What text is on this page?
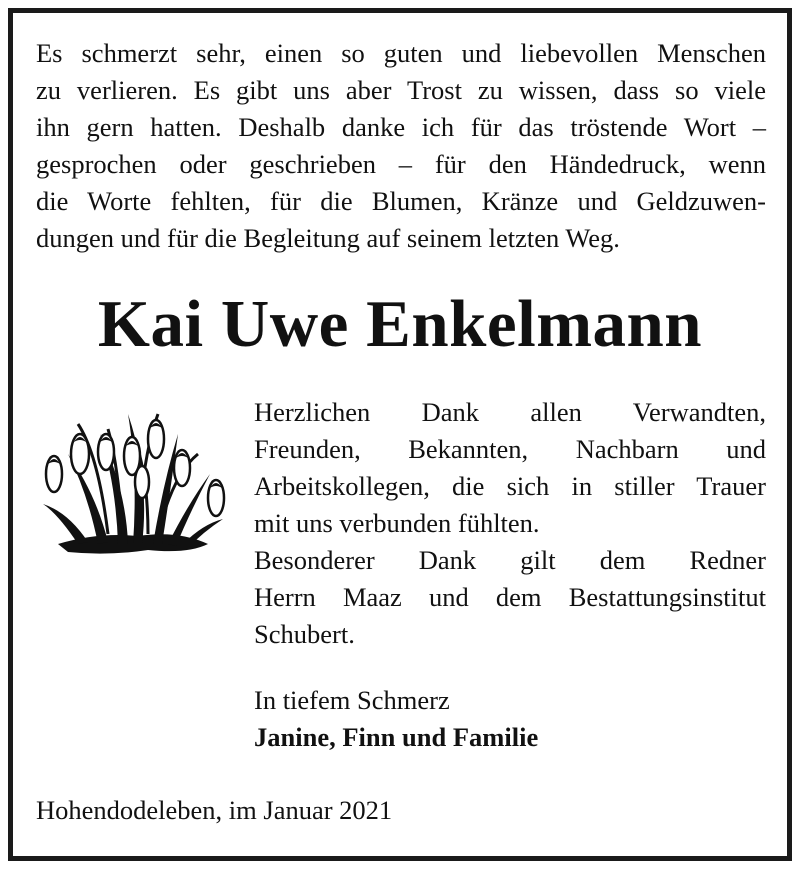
Es schmerzt sehr, einen so guten und liebevollen Menschen
zu verlieren. Es gibt uns aber Trost zu wissen, dass so viele
ihn gern hatten. Deshalb danke ich für das tröstende Wort –
gesprochen oder geschrieben – für den Händedruck, wenn
die Worte fehlten, für die Blumen, Kränze und Geldzuwen-
dungen und für die Begleitung auf seinem letzten Weg.
Kai Uwe Enkelmann
Herzlichen Dank allen Verwandten,
Freunden, Bekannten, Nachbarn und
Arbeitskollegen, die sich in stiller Trauer
mit uns verbunden fühlten.
Besonderer Dank gilt dem Redner
Herrn Maaz und dem Bestattungsinstitut
Schubert.
In tiefem Schmerz
Janine, Finn und Familie
Hohendodeleben, im Januar 2021
